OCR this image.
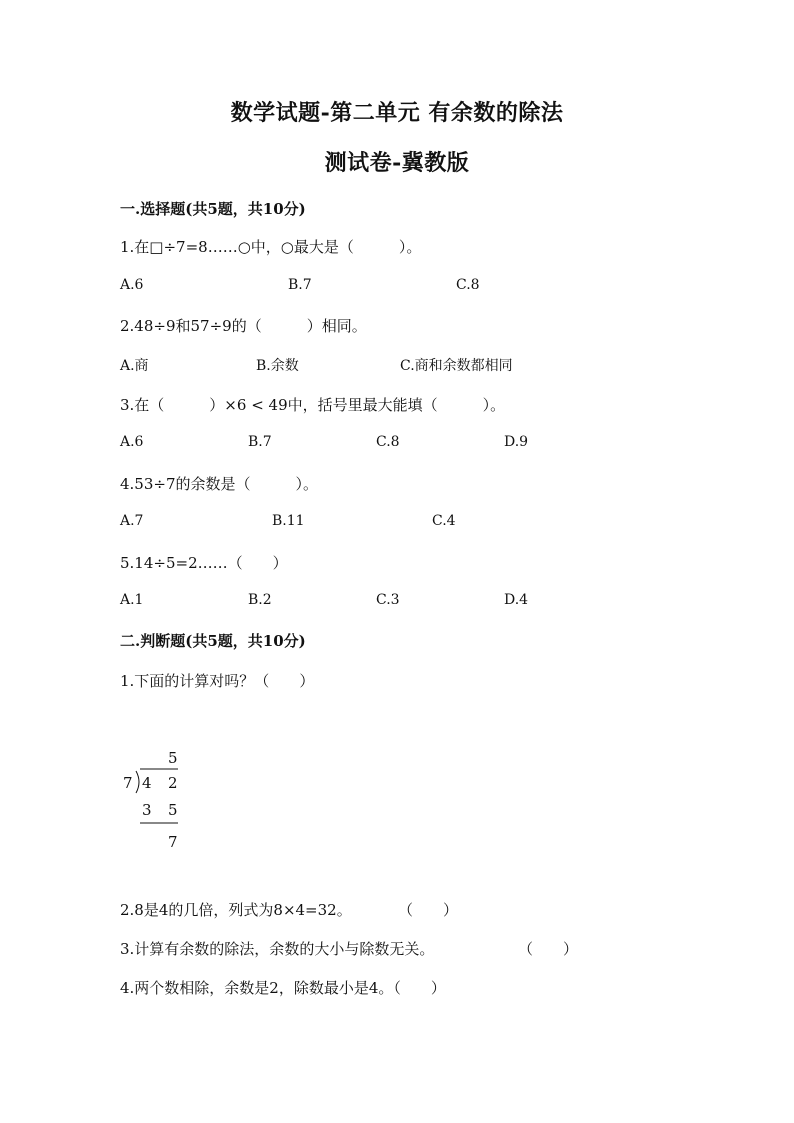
数学试题-第二单元 有余数的除法
测试卷-冀教版
一.选择题(共5题，共10分)
1.在□÷7=8……○中，○最大是（　　　）。
A.6	B.7	C.8
2.48÷9和57÷9的（　　　）相同。
A.商	B.余数	C.商和余数都相同
3.在（　　　）×6 < 49中，括号里最大能填（　　　）。
A.6	B.7	C.8	D.9
4.53÷7的余数是（　　　）。
A.7	B.11	C.4
5.14÷5=2……（　　）
A.1	B.2	C.3	D.4
二.判断题(共5题，共10分)
1.下面的计算对吗？（　　）
5
7 4 2
3 5
7
2.8是4的几倍，列式为8×4=32。	（　　）
3.计算有余数的除法，余数的大小与除数无关。	（　　）
4.两个数相除，余数是2，除数最小是4。（　　）
